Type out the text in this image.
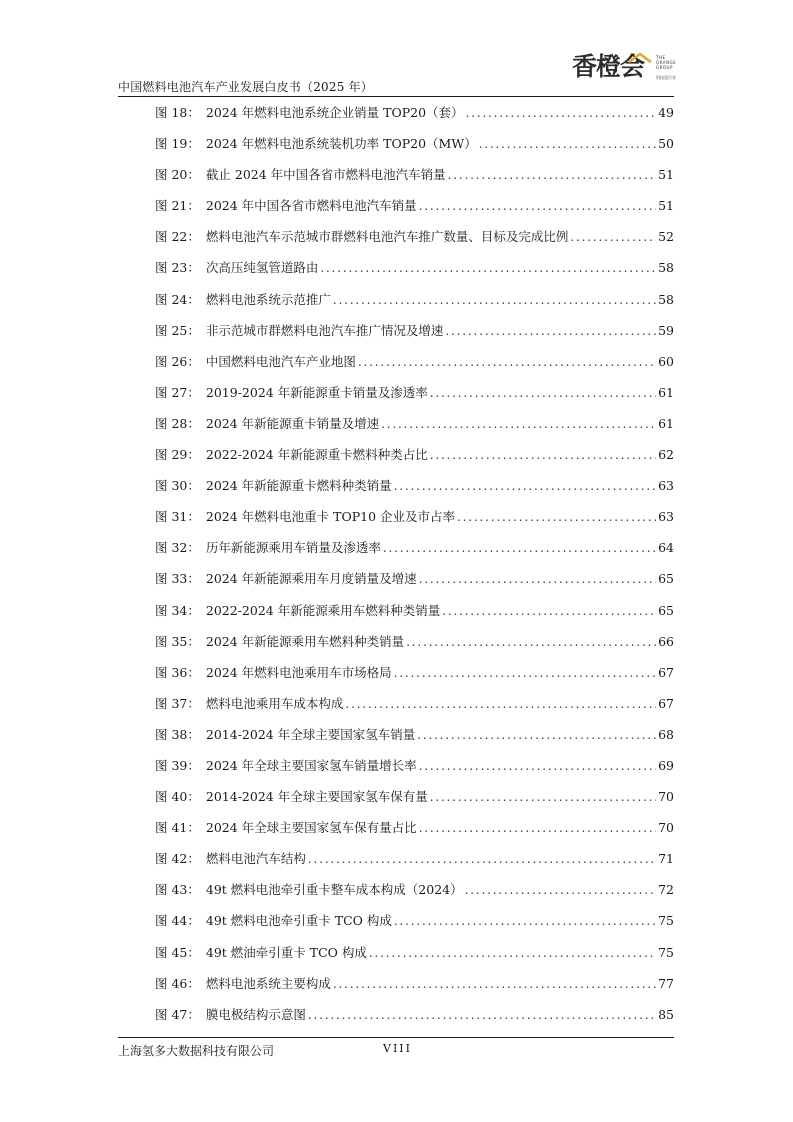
中国燃料电池汽车产业发展白皮书（2025 年）
香橙会	THE
ORANGE
GROUP
科技氢行业
图 18： 2024 年燃料电池系统企业销量 TOP20（套） .....	49
图 19： 2024 年燃料电池系统装机功率 TOP20（MW） .....	50
图 20： 截止 2024 年中国各省市燃料电池汽车销量 .....	51
图 21： 2024 年中国各省市燃料电池汽车销量 .....	51
图 22： 燃料电池汽车示范城市群燃料电池汽车推广数量、目标及完成比例 .....	52
图 23： 次高压纯氢管道路由 .....	58
图 24： 燃料电池系统示范推广 .....	58
图 25： 非示范城市群燃料电池汽车推广情况及增速 .....	59
图 26： 中国燃料电池汽车产业地图 .....	60
图 27： 2019-2024 年新能源重卡销量及渗透率 .....	61
图 28： 2024 年新能源重卡销量及增速 .....	61
图 29： 2022-2024 年新能源重卡燃料种类占比 .....	62
图 30： 2024 年新能源重卡燃料种类销量 .....	63
图 31： 2024 年燃料电池重卡 TOP10 企业及市占率 .....	63
图 32： 历年新能源乘用车销量及渗透率 .....	64
图 33： 2024 年新能源乘用车月度销量及增速 .....	65
图 34： 2022-2024 年新能源乘用车燃料种类销量 .....	65
图 35： 2024 年新能源乘用车燃料种类销量 .....	66
图 36： 2024 年燃料电池乘用车市场格局 .....	67
图 37： 燃料电池乘用车成本构成 .....	67
图 38： 2014-2024 年全球主要国家氢车销量 .....	68
图 39： 2024 年全球主要国家氢车销量增长率 .....	69
图 40： 2014-2024 年全球主要国家氢车保有量 .....	70
图 41： 2024 年全球主要国家氢车保有量占比 .....	70
图 42： 燃料电池汽车结构 .....	71
图 43： 49t 燃料电池牵引重卡整车成本构成（2024） .....	72
图 44： 49t 燃料电池牵引重卡 TCO 构成 .....	75
图 45： 49t 燃油牵引重卡 TCO 构成 .....	75
图 46： 燃料电池系统主要构成 .....	77
图 47： 膜电极结构示意图 .....	85
上海氢多大数据科技有限公司	VIII
